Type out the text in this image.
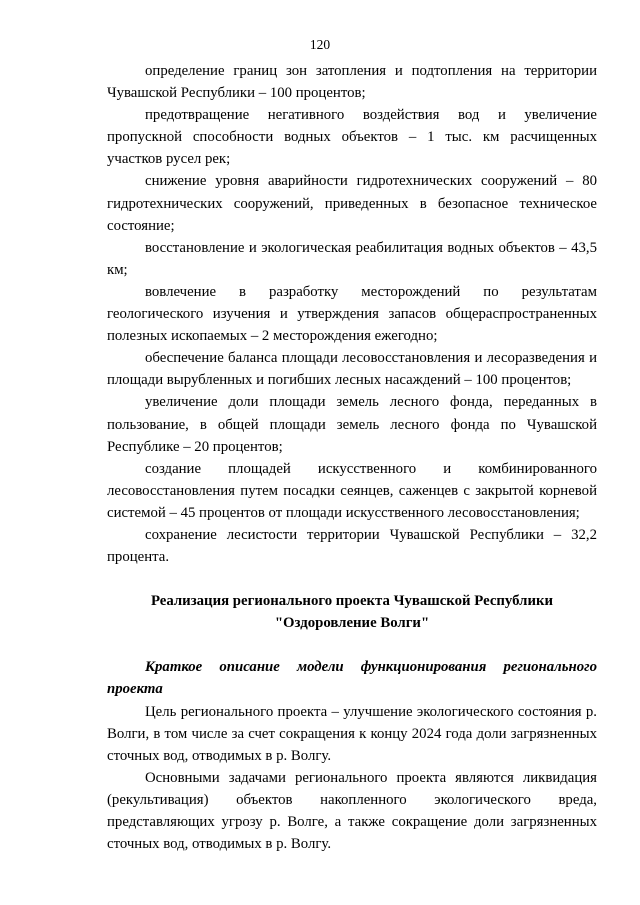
120

определение границ зон затопления и подтопления на территории Чувашской Республики – 100 процентов;

предотвращение негативного воздействия вод и увеличение пропускной способности водных объектов – 1 тыс. км расчищенных участков русел рек;

снижение уровня аварийности гидротехнических сооружений – 80 гидротехнических сооружений, приведенных в безопасное техническое состояние;

восстановление и экологическая реабилитация водных объектов – 43,5 км;

вовлечение в разработку месторождений по результатам геологического изучения и утверждения запасов общераспространенных полезных ископаемых – 2 месторождения ежегодно;

обеспечение баланса площади лесовосстановления и лесоразведения и площади вырубленных и погибших лесных насаждений – 100 процентов;

увеличение доли площади земель лесного фонда, переданных в пользование, в общей площади земель лесного фонда по Чувашской Республике – 20 процентов;

создание площадей искусственного и комбинированного лесовосстановления путем посадки сеянцев, саженцев с закрытой корневой системой – 45 процентов от площади искусственного лесовосстановления;

сохранение лесистости территории Чувашской Республики – 32,2 процента.

Реализация регионального проекта Чувашской Республики
"Оздоровление Волги"

Краткое описание модели функционирования регионального проекта

Цель регионального проекта – улучшение экологического состояния р. Волги, в том числе за счет сокращения к концу 2024 года доли загрязненных сточных вод, отводимых в р. Волгу.

Основными задачами регионального проекта являются ликвидация (рекультивация) объектов накопленного экологического вреда, представляющих угрозу р. Волге, а также сокращение доли загрязненных сточных вод, отводимых в р. Волгу.
